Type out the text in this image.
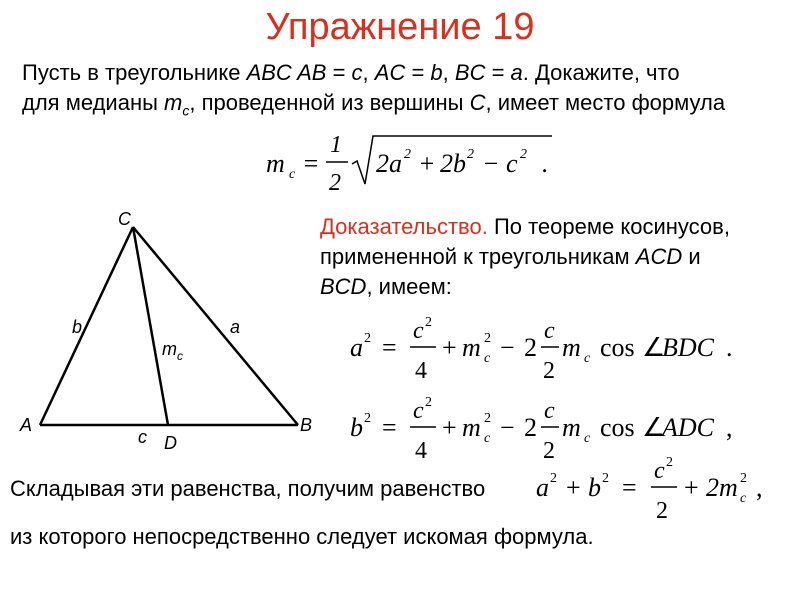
Упражнение 19
Пусть в треугольнике ABC AB = c, AC = b, BC = a. Докажите, что
для медианы $m_c$, проведенной из вершины C, имеет место формула
m c =
1
2
2a 2 + 2b 2 − c 2 .
C
A	B
D
b	a
c
m c
Доказательство. По теореме косинусов,
примененной к треугольникам ACD и
BCD, имеем:
a 2 =
c 2
4
+ m c
2 − 2
c
2
m c cos ∠
BDC .
b 2 =
c 2
4
+ m c
2 − 2
c
2
m c cos ∠
ADC ,
Складывая эти равенства, получим равенство a 2 + b 2 =
c 2
2
+ 2m c
2 ,
из которого непосредственно следует искомая формула.
